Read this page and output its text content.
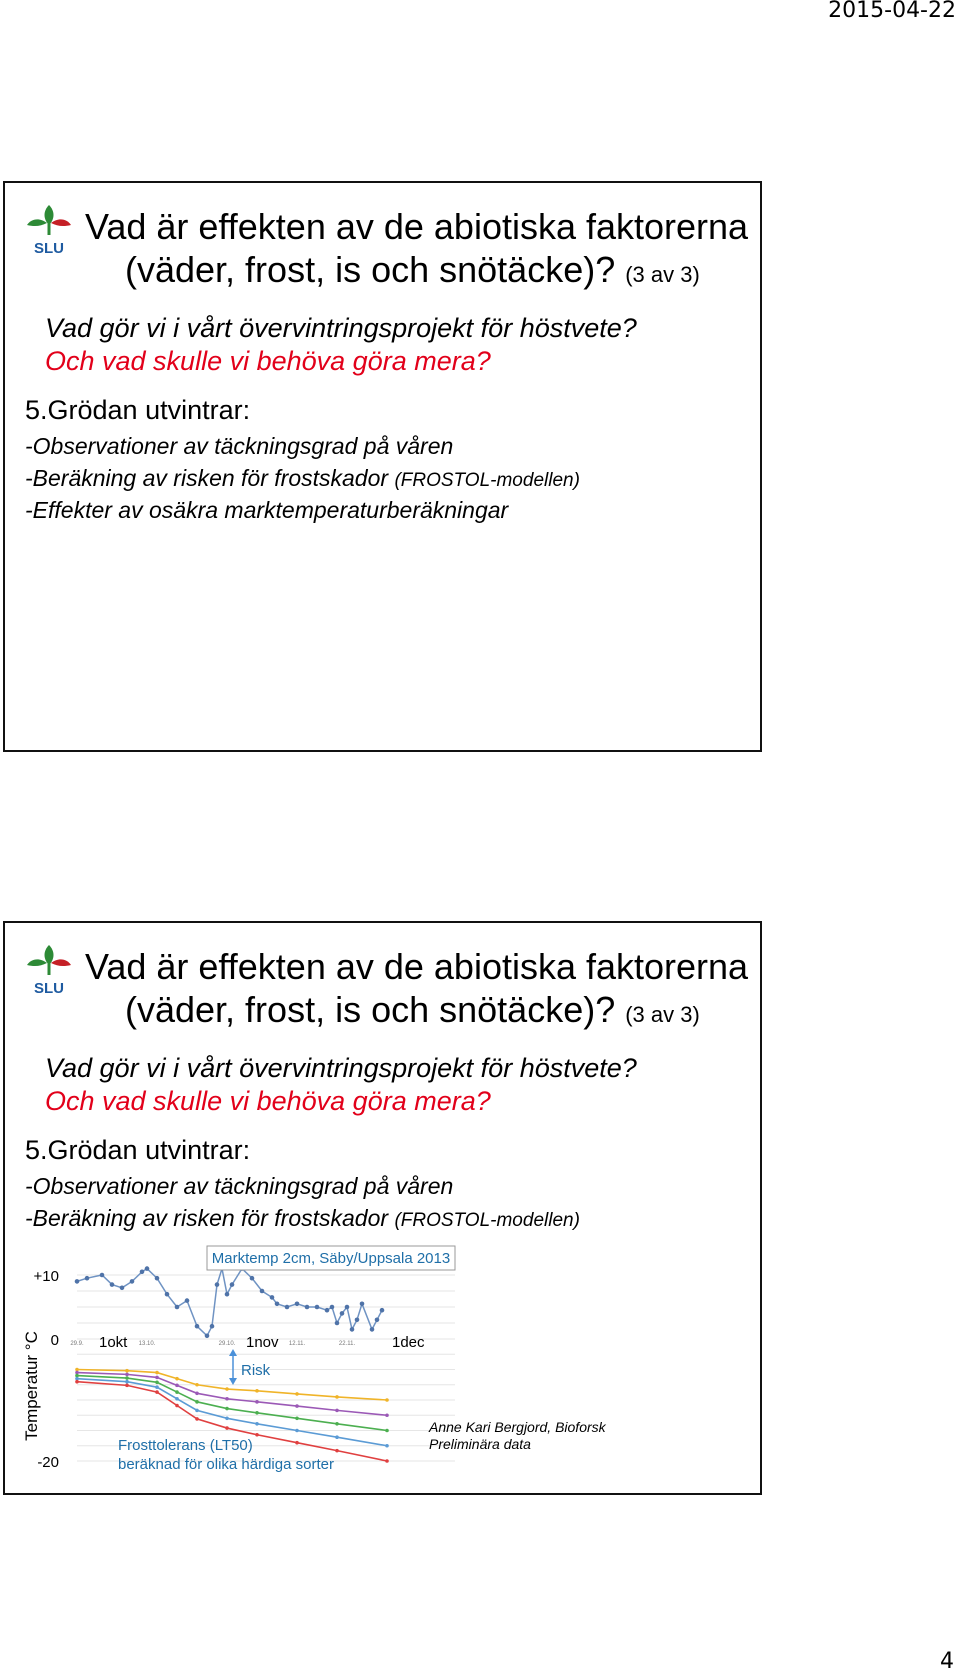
2015-04-22
SLU
Vad är effekten av de abiotiska faktorerna
(väder, frost, is och snötäcke)? (3 av 3)
Vad gör vi i vårt övervintringsprojekt för höstvete?
Och vad skulle vi behöva göra mera?
5.Grödan utvintrar:
-Observationer av täckningsgrad på våren
-Beräkning av risken för frostskador (FROSTOL-modellen)
-Effekter av osäkra marktemperaturberäkningar
SLU
Vad är effekten av de abiotiska faktorerna
(väder, frost, is och snötäcke)? (3 av 3)
Vad gör vi i vårt övervintringsprojekt för höstvete?
Och vad skulle vi behöva göra mera?
5.Grödan utvintrar:
-Observationer av täckningsgrad på våren
-Beräkning av risken för frostskador (FROSTOL-modellen)
+10
0
-20
29.9.	13.10.	29.10.	12.11.	22.11.
1okt	1nov	1dec
Marktemp 2cm, Säby/Uppsala 2013
Temperatur °C	Risk
Frosttolerans (LT50)
beräknad för olika härdiga sorter
Anne Kari Bergjord, Bioforsk
Preliminära data
4
